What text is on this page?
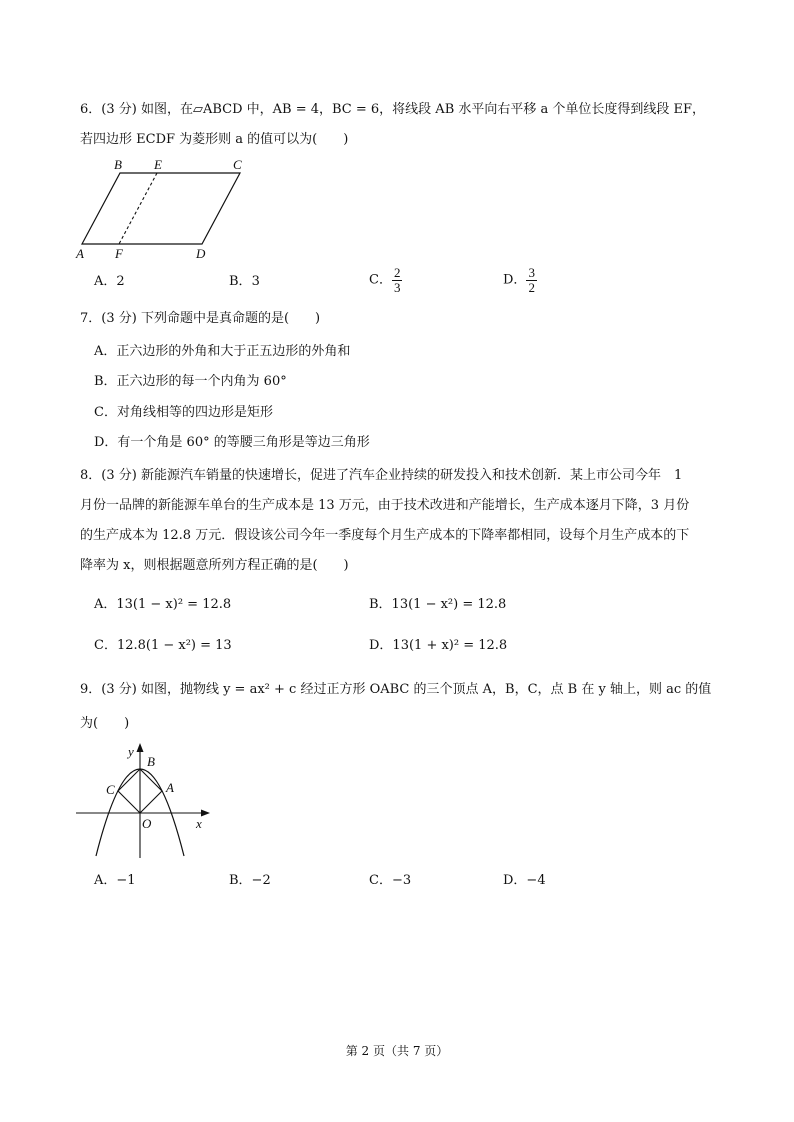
6．(3 分) 如图，在▱ABCD 中，AB = 4，BC = 6，将线段 AB 水平向右平移 a 个单位长度得到线段 EF，
若四边形 ECDF 为菱形则 a 的值可以为(　　)
B E	C
A F	D
A．2	B．3	C． $\frac{2}{3}$	D． $\frac{3}{2}$
7．(3 分) 下列命题中是真命题的是(　　)
A．正六边形的外角和大于正五边形的外角和
B．正六边形的每一个内角为 60°
C．对角线相等的四边形是矩形
D．有一个角是 60° 的等腰三角形是等边三角形
8．(3 分) 新能源汽车销量的快速增长，促进了汽车企业持续的研发投入和技术创新．某上市公司今年　1
月份一品牌的新能源车单台的生产成本是 13 万元，由于技术改进和产能增长，生产成本逐月下降，3 月份
的生产成本为 12.8 万元．假设该公司今年一季度每个月生产成本的下降率都相同，设每个月生产成本的下
降率为 x，则根据题意所列方程正确的是(　　)
A．13(1 − x)² = 12.8	B．13(1 − x²) = 12.8
C．12.8(1 − x²) = 13	D．13(1 + x)² = 12.8
9．(3 分) 如图，抛物线 y = ax² + c 经过正方形 OABC 的三个顶点 A，B，C，点 B 在 y 轴上，则 ac 的值
为(　　)
y
B
C	A
O	x
A．−1	B．−2	C．−3	D．−4
第 2 页（共 7 页）
